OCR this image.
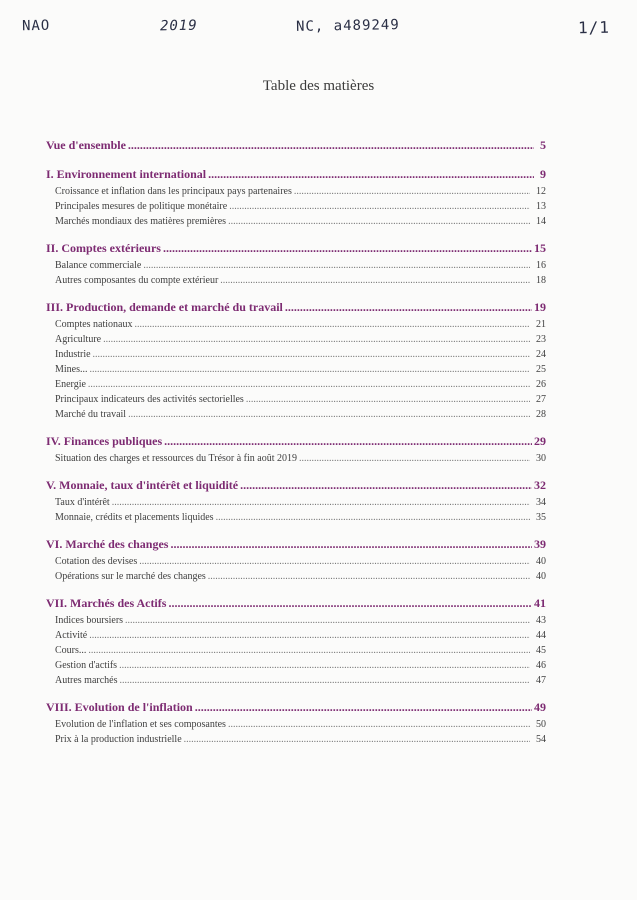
NAO	2019	NC, a489249	1/1
Table des matières
Vue d'ensemble .....	5
I. Environnement international .....	9
Croissance et inflation dans les principaux pays partenaires .....	12
Principales mesures de politique monétaire .....	13
Marchés mondiaux des matières premières .....	14
II. Comptes extérieurs .....	15
Balance commerciale .....	16
Autres composantes du compte extérieur .....	18
III. Production, demande et marché du travail .....	19
Comptes nationaux .....	21
Agriculture .....	23
Industrie .....	24
Mines... .....	25
Energie .....	26
Principaux indicateurs des activités sectorielles .....	27
Marché du travail .....	28
IV. Finances publiques .....	29
Situation des charges et ressources du Trésor à fin août 2019 .....	30
V. Monnaie, taux d'intérêt et liquidité .....	32
Taux d'intérêt .....	34
Monnaie, crédits et placements liquides .....	35
VI. Marché des changes .....	39
Cotation des devises .....	40
Opérations sur le marché des changes .....	40
VII. Marchés des Actifs .....	41
Indices boursiers .....	43
Activité .....	44
Cours... .....	45
Gestion d'actifs .....	46
Autres marchés .....	47
VIII. Evolution de l'inflation .....	49
Evolution de l'inflation et ses composantes .....	50
Prix à la production industrielle .....	54
